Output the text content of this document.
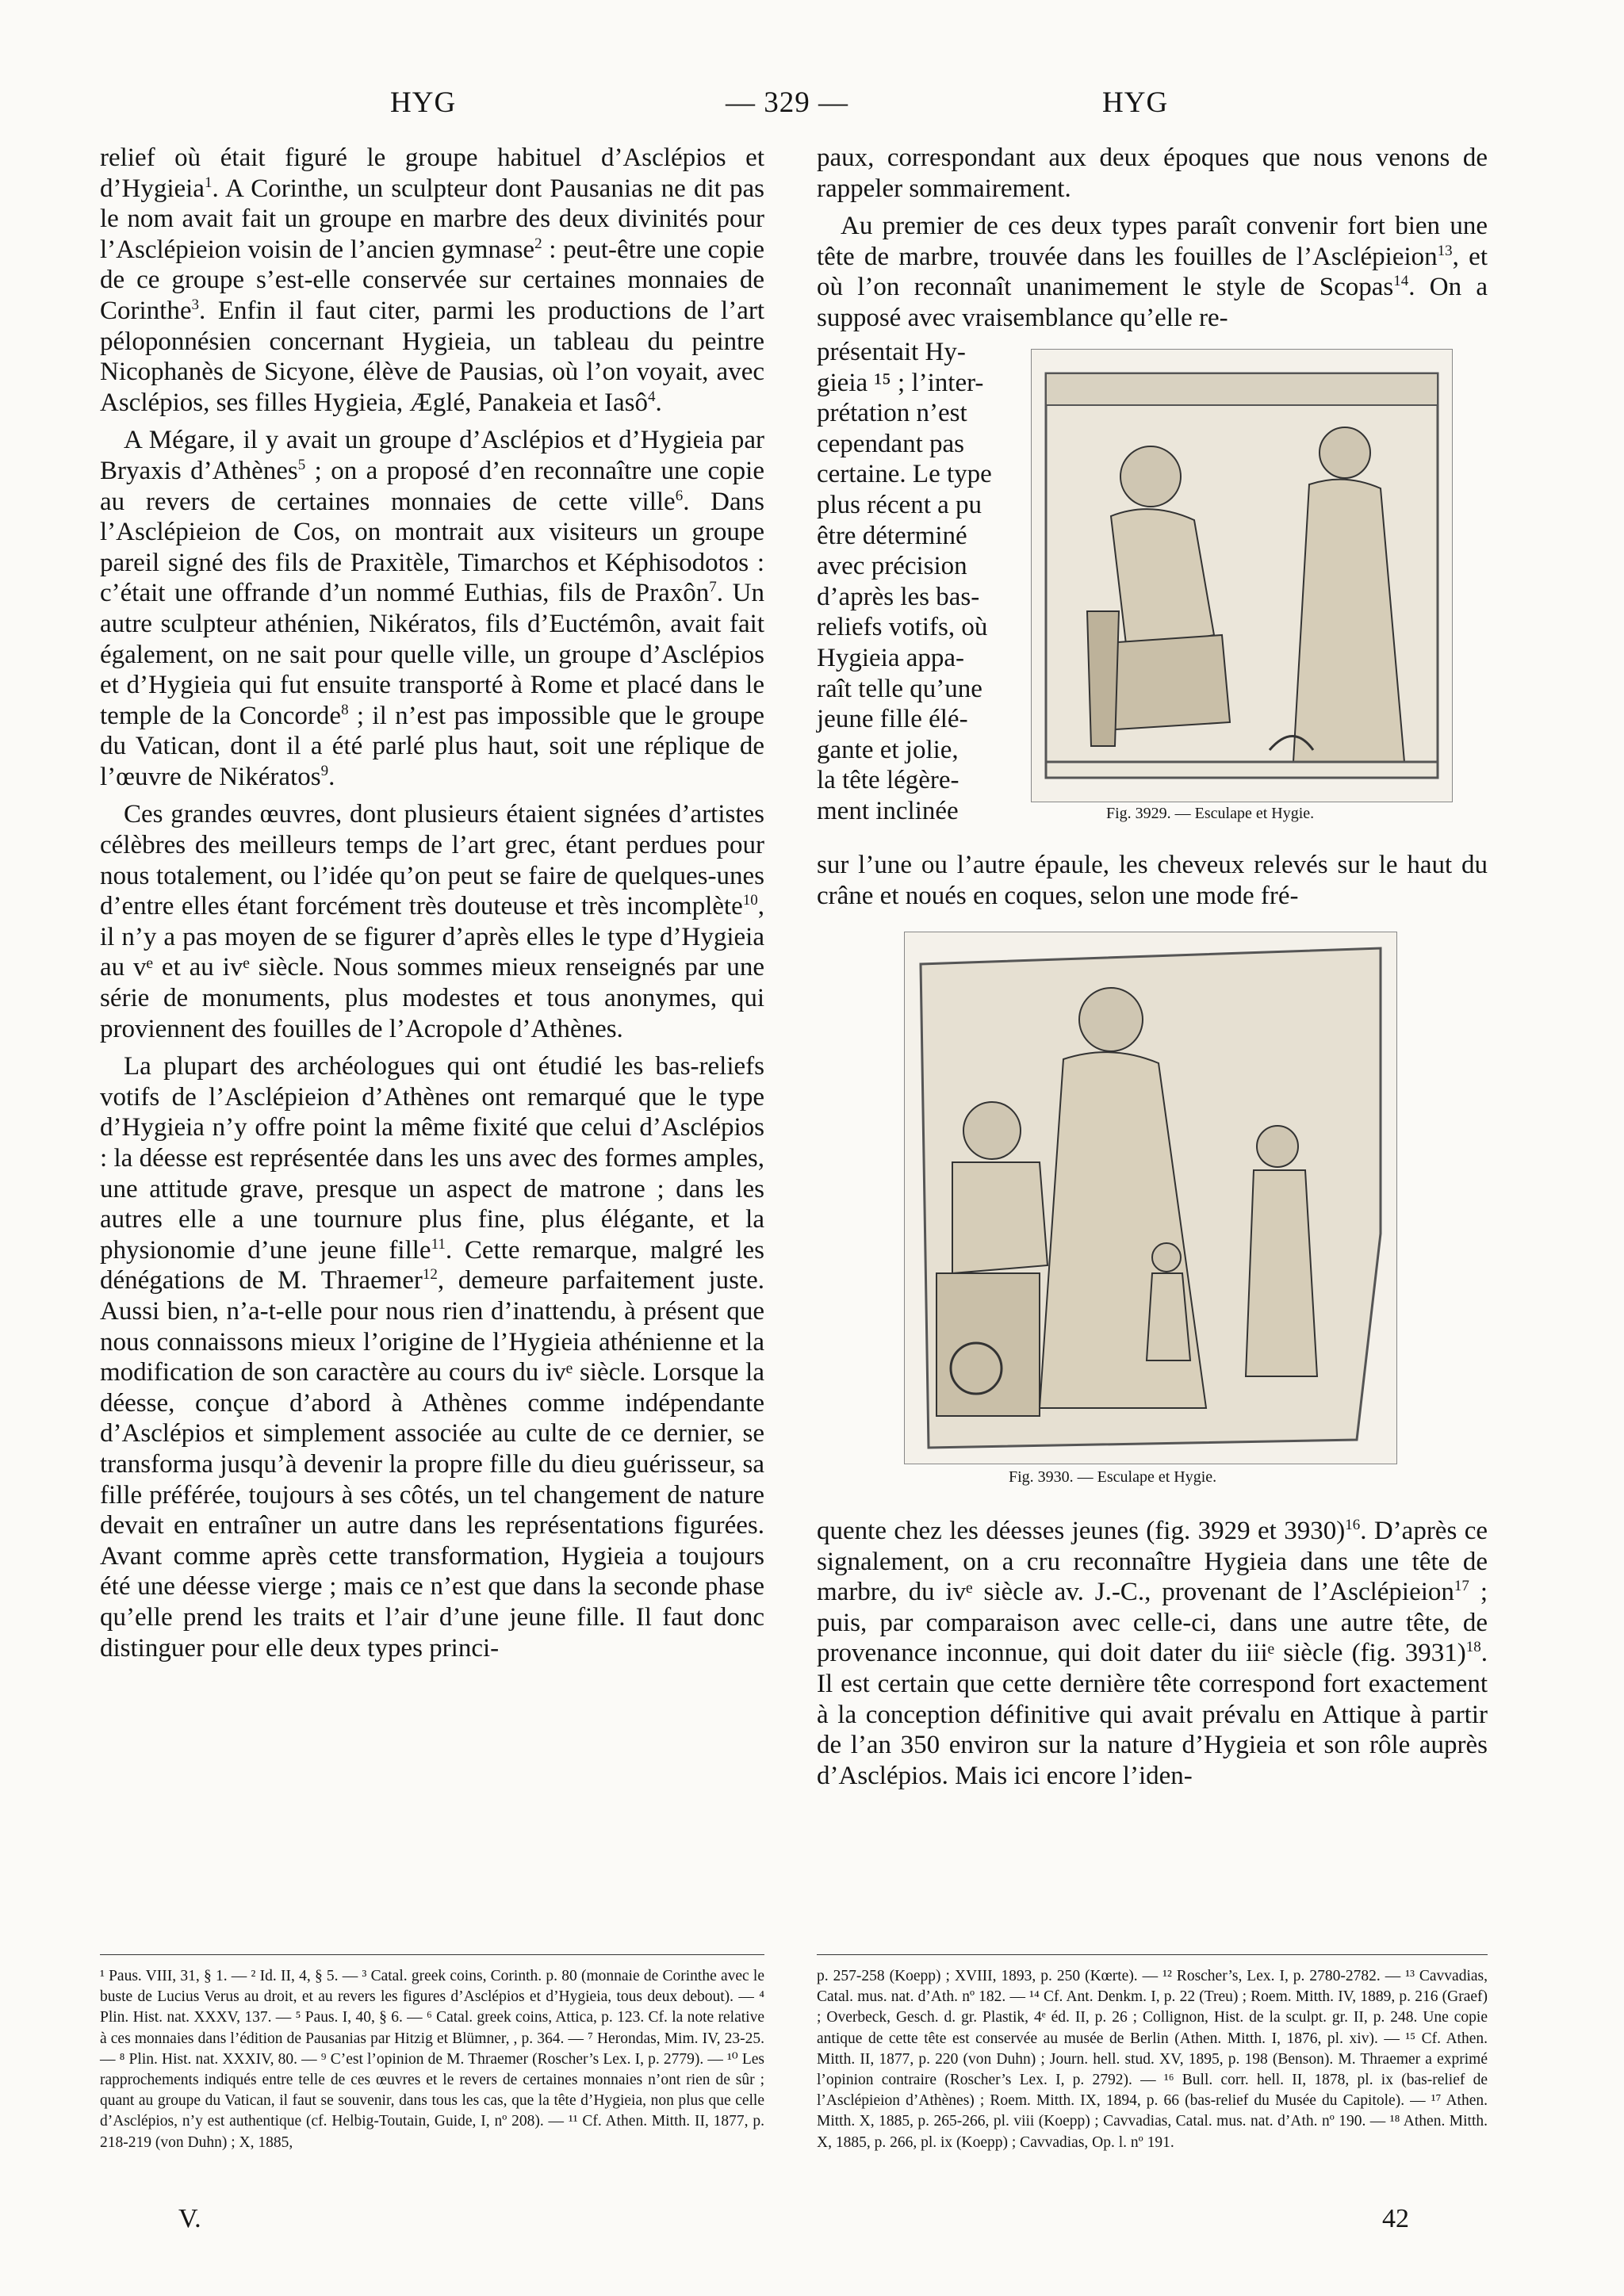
HYG	— 329 —	HYG

relief où était figuré le groupe habituel d’Asclépios et d’Hygieia$^1$. A Corinthe, un sculpteur dont Pausanias ne dit pas le nom avait fait un groupe en marbre des deux divinités pour l’Asclépieion voisin de l’ancien gymnase$^2$ : peut-être une copie de ce groupe s’est-elle conservée sur certaines monnaies de Corinthe$^3$. Enfin il faut citer, parmi les productions de l’art péloponnésien concernant Hygieia, un tableau du peintre Nicophanès de Sicyone, élève de Pausias, où l’on voyait, avec Asclépios, ses filles Hygieia, Æglé, Panakeia et Iasô$^4$.

A Mégare, il y avait un groupe d’Asclépios et d’Hygieia par Bryaxis d’Athènes$^5$ ; on a proposé d’en reconnaître une copie au revers de certaines monnaies de cette ville$^6$. Dans l’Asclépieion de Cos, on montrait aux visiteurs un groupe pareil signé des fils de Praxitèle, Timarchos et Képhisodotos : c’était une offrande d’un nommé Euthias, fils de Praxôn$^7$. Un autre sculpteur athénien, Nikératos, fils d’Euctémôn, avait fait également, on ne sait pour quelle ville, un groupe d’Asclépios et d’Hygieia qui fut ensuite transporté à Rome et placé dans le temple de la Concorde$^8$ ; il n’est pas impossible que le groupe du Vatican, dont il a été parlé plus haut, soit une réplique de l’œuvre de Nikératos$^9$.

Ces grandes œuvres, dont plusieurs étaient signées d’artistes célèbres des meilleurs temps de l’art grec, étant perdues pour nous totalement, ou l’idée qu’on peut se faire de quelques-unes d’entre elles étant forcément très douteuse et très incomplète$^{10}$, il n’y a pas moyen de se figurer d’après elles le type d’Hygieia au vᵉ et au ivᵉ siècle. Nous sommes mieux renseignés par une série de monuments, plus modestes et tous anonymes, qui proviennent des fouilles de l’Acropole d’Athènes.

La plupart des archéologues qui ont étudié les bas-reliefs votifs de l’Asclépieion d’Athènes ont remarqué que le type d’Hygieia n’y offre point la même fixité que celui d’Asclépios : la déesse est représentée dans les uns avec des formes amples, une attitude grave, presque un aspect de matrone ; dans les autres elle a une tournure plus fine, plus élégante, et la physionomie d’une jeune fille$^{11}$. Cette remarque, malgré les dénégations de M. Thraemer$^{12}$, demeure parfaitement juste. Aussi bien, n’a-t-elle pour nous rien d’inattendu, à présent que nous connaissons mieux l’origine de l’Hygieia athénienne et la modification de son caractère au cours du ivᵉ siècle. Lorsque la déesse, conçue d’abord à Athènes comme indépendante d’Asclépios et simplement associée au culte de ce dernier, se transforma jusqu’à devenir la propre fille du dieu guérisseur, sa fille préférée, toujours à ses côtés, un tel changement de nature devait en entraîner un autre dans les représentations figurées. Avant comme après cette transformation, Hygieia a toujours été une déesse vierge ; mais ce n’est que dans la seconde phase qu’elle prend les traits et l’air d’une jeune fille. Il faut donc distinguer pour elle deux types princi-

paux, correspondant aux deux époques que nous venons de rappeler sommairement.

Au premier de ces deux types paraît convenir fort bien une tête de marbre, trouvée dans les fouilles de l’Asclépieion$^{13}$, et où l’on reconnaît unanimement le style de Scopas$^{14}$. On a supposé avec vraisemblance qu’elle re-

présentait Hy-
gieia ¹⁵ ; l’inter-
prétation n’est
cependant pas
certaine. Le type
plus récent a pu
être déterminé
avec précision
d’après les bas-
reliefs votifs, où
Hygieia appa-
raît telle qu’une
jeune fille élé-
gante et jolie,
la tête légère-
ment inclinée	Fig. 3929. — Esculape et Hygie.

sur l’une ou l’autre épaule, les cheveux relevés sur le haut du crâne et noués en coques, selon une mode fré-

Fig. 3930. — Esculape et Hygie.

quente chez les déesses jeunes (fig. 3929 et 3930)$^{16}$. D’après ce signalement, on a cru reconnaître Hygieia dans une tête de marbre, du ivᵉ siècle av. J.-C., provenant de l’Asclépieion$^{17}$ ; puis, par comparaison avec celle-ci, dans une autre tête, de provenance inconnue, qui doit dater du iiiᵉ siècle (fig. 3931)$^{18}$. Il est certain que cette dernière tête correspond fort exactement à la conception définitive qui avait prévalu en Attique à partir de l’an 350 environ sur la nature d’Hygieia et son rôle auprès d’Asclépios. Mais ici encore l’iden-

¹ Paus. VIII, 31, § 1. — ² Id. II, 4, § 5. — ³ Catal. greek coins, Corinth. p. 80 (monnaie de Corinthe avec le buste de Lucius Verus au droit, et au revers les figures d’Asclépios et d’Hygieia, tous deux debout). — ⁴ Plin. Hist. nat. XXXV, 137. — ⁵ Paus. I, 40, § 6. — ⁶ Catal. greek coins, Attica, p. 123. Cf. la note relative à ces monnaies dans l’édition de Pausanias par Hitzig et Blümner, , p. 364. — ⁷ Herondas, Mim. IV, 23-25. — ⁸ Plin. Hist. nat. XXXIV, 80. — ⁹ C’est l’opinion de M. Thraemer (Roscher’s Lex. I, p. 2779). — ¹⁰ Les rapprochements indiqués entre telle de ces œuvres et le revers de certaines monnaies n’ont rien de sûr ; quant au groupe du Vatican, il faut se souvenir, dans tous les cas, que la tête d’Hygieia, non plus que celle d’Asclépios, n’y est authentique (cf. Helbig-Toutain, Guide, I, nº 208). — ¹¹ Cf. Athen. Mitth. II, 1877, p. 218-219 (von Duhn) ; X, 1885,

p. 257-258 (Koepp) ; XVIII, 1893, p. 250 (Kœrte). — ¹² Roscher’s, Lex. I, p. 2780-2782. — ¹³ Cavvadias, Catal. mus. nat. d’Ath. nº 182. — ¹⁴ Cf. Ant. Denkm. I, p. 22 (Treu) ; Roem. Mitth. IV, 1889, p. 216 (Graef) ; Overbeck, Gesch. d. gr. Plastik, 4ᵉ éd. II, p. 26 ; Collignon, Hist. de la sculpt. gr. II, p. 248. Une copie antique de cette tête est conservée au musée de Berlin (Athen. Mitth. I, 1876, pl. xiv). — ¹⁵ Cf. Athen. Mitth. II, 1877, p. 220 (von Duhn) ; Journ. hell. stud. XV, 1895, p. 198 (Benson). M. Thraemer a exprimé l’opinion contraire (Roscher’s Lex. I, p. 2792). — ¹⁶ Bull. corr. hell. II, 1878, pl. ix (bas-relief de l’Asclépieion d’Athènes) ; Roem. Mitth. IX, 1894, p. 66 (bas-relief du Musée du Capitole). — ¹⁷ Athen. Mitth. X, 1885, p. 265-266, pl. viii (Koepp) ; Cavvadias, Catal. mus. nat. d’Ath. nº 190. — ¹⁸ Athen. Mitth. X, 1885, p. 266, pl. ix (Koepp) ; Cavvadias, Op. l. nº 191.

V.	42
